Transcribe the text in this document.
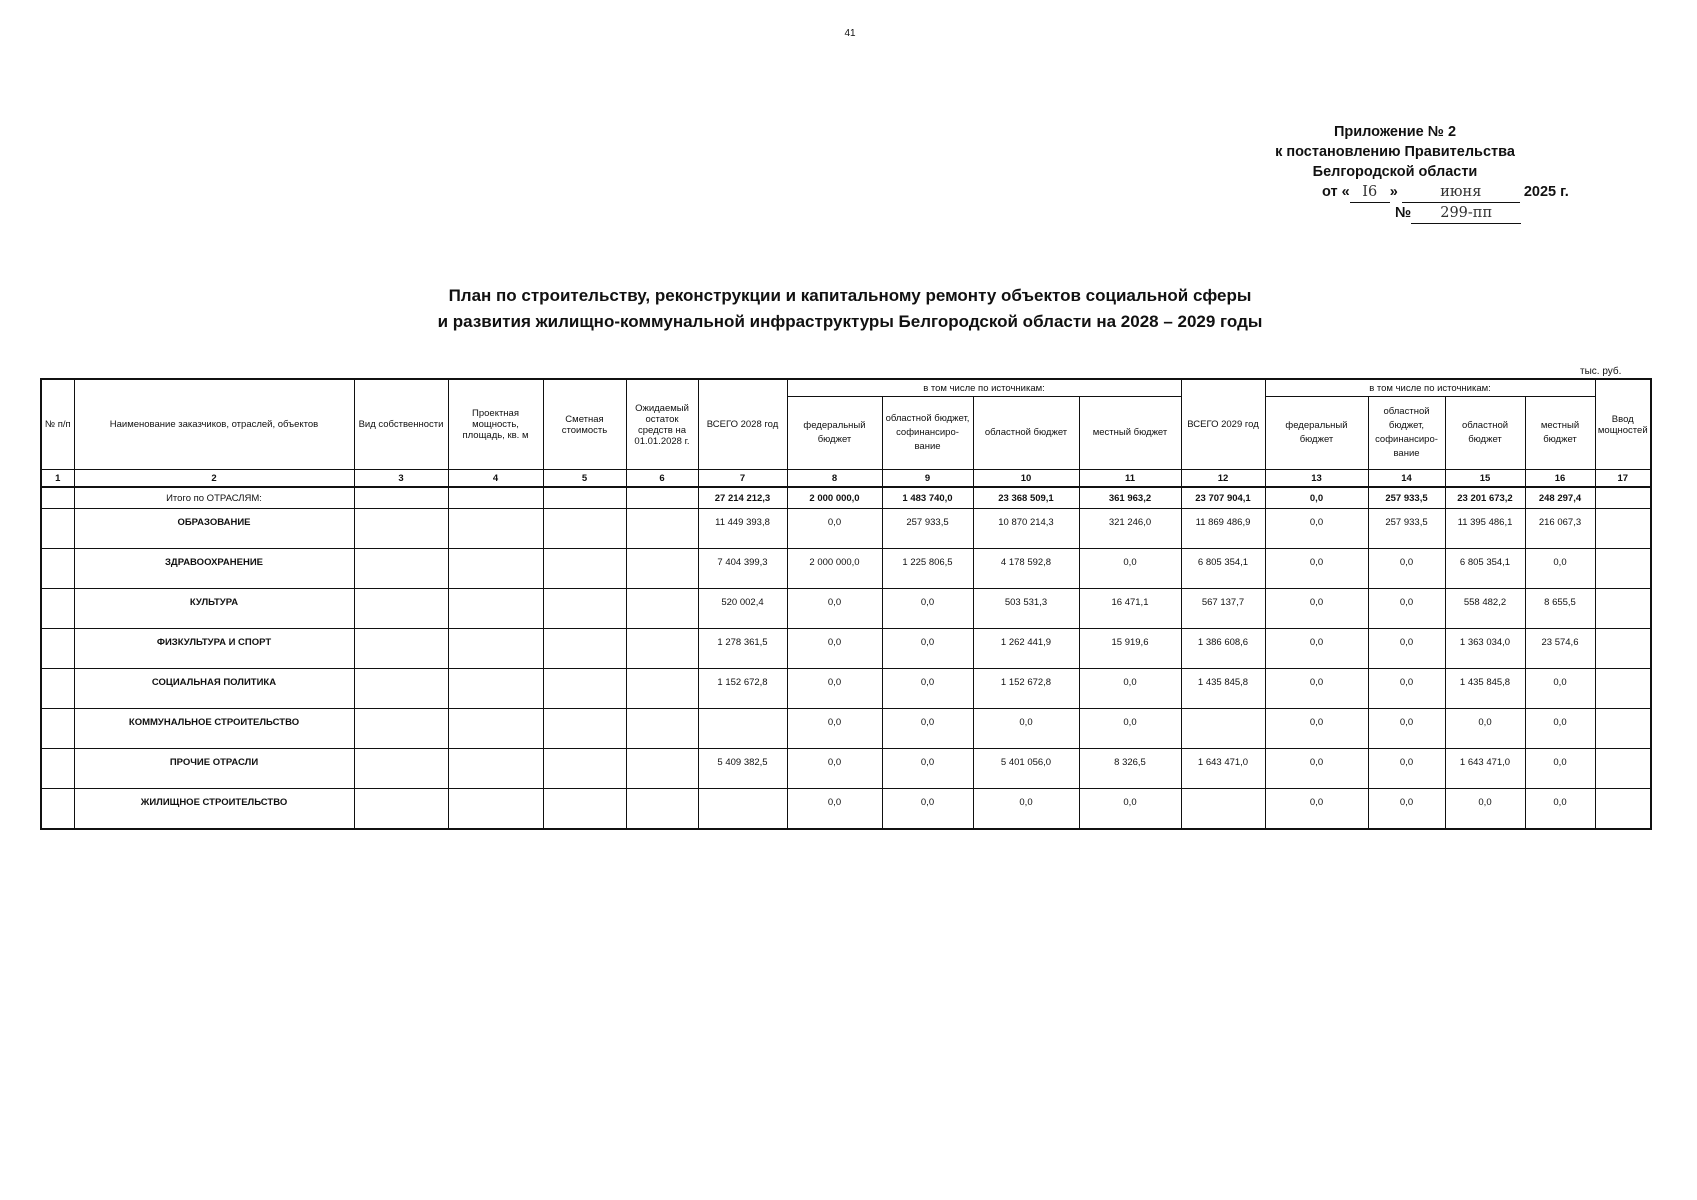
41
Приложение № 2
к постановлению Правительства
Белгородской области
от « I6 »	июня	2025 г.
№ 299-пп
План по строительству, реконструкции и капитальному ремонту объектов социальной сферы
и развития жилищно-коммунальной инфраструктуры Белгородской области на 2028 – 2029 годы
тыс. руб.
№ п/п	Наименование заказчиков, отраслей, объектов	Вид собственности	Проектная мощность, площадь, кв. м	Сметная стоимость	Ожидаемый остаток средств на 01.01.2028 г.	ВСЕГО 2028 год	в том числе по источникам:				ВСЕГО 2029 год	в том числе по источникам:				Ввод мощностей
							федеральный бюджет	областной бюджет, софинансиро-вание	областной бюджет	местный бюджет		федеральный бюджет	областной бюджет, софинансиро-вание	областной бюджет	местный бюджет	
1	2	3	4	5	6	7	8	9	10	11	12	13	14	15	16	17
	Итого по ОТРАСЛЯМ:					27 214 212,3	2 000 000,0	1 483 740,0	23 368 509,1	361 963,2	23 707 904,1	0,0	257 933,5	23 201 673,2	248 297,4	
	ОБРАЗОВАНИЕ					11 449 393,8	0,0	257 933,5	10 870 214,3	321 246,0	11 869 486,9	0,0	257 933,5	11 395 486,1	216 067,3	
	ЗДРАВООХРАНЕНИЕ					7 404 399,3	2 000 000,0	1 225 806,5	4 178 592,8	0,0	6 805 354,1	0,0	0,0	6 805 354,1	0,0	
	КУЛЬТУРА					520 002,4	0,0	0,0	503 531,3	16 471,1	567 137,7	0,0	0,0	558 482,2	8 655,5	
	ФИЗКУЛЬТУРА И СПОРТ					1 278 361,5	0,0	0,0	1 262 441,9	15 919,6	1 386 608,6	0,0	0,0	1 363 034,0	23 574,6	
	СОЦИАЛЬНАЯ ПОЛИТИКА					1 152 672,8	0,0	0,0	1 152 672,8	0,0	1 435 845,8	0,0	0,0	1 435 845,8	0,0	
	КОММУНАЛЬНОЕ СТРОИТЕЛЬСТВО						0,0	0,0	0,0	0,0		0,0	0,0	0,0	0,0	
	ПРОЧИЕ ОТРАСЛИ					5 409 382,5	0,0	0,0	5 401 056,0	8 326,5	1 643 471,0	0,0	0,0	1 643 471,0	0,0	
	ЖИЛИЩНОЕ СТРОИТЕЛЬСТВО						0,0	0,0	0,0	0,0		0,0	0,0	0,0	0,0	
